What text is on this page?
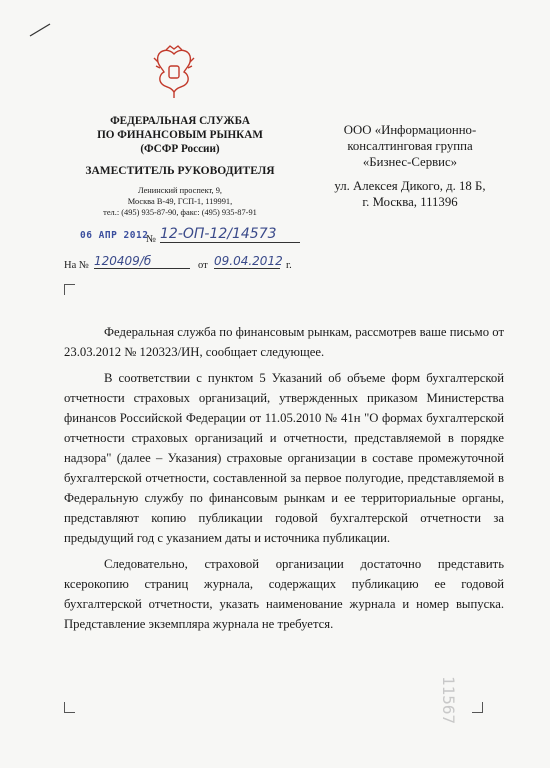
ФЕДЕРАЛЬНАЯ СЛУЖБА
ПО ФИНАНСОВЫМ РЫНКАМ
(ФСФР России)
ЗАМЕСТИТЕЛЬ РУКОВОДИТЕЛЯ
Ленинский проспект, 9,
Москва В-49, ГСП-1, 119991,
тел.: (495) 935-87-90, факс: (495) 935-87-91
ООО «Информационно-
консалтинговая группа
«Бизнес-Сервис»
ул. Алексея Дикого, д. 18 Б,
г. Москва, 111396
06 АПР 2012
№ 12-ОП-12/14573
На № 120409/б	от 09.04.2012 г.

Федеральная служба по финансовым рынкам, рассмотрев ваше письмо от 23.03.2012 № 120323/ИН, сообщает следующее.

В соответствии с пунктом 5 Указаний об объеме форм бухгалтерской отчетности страховых организаций, утвержденных приказом Министерства финансов Российской Федерации от 11.05.2010 № 41н "О формах бухгалтерской отчетности страховых организаций и отчетности, представляемой в порядке надзора" (далее – Указания) страховые организации в составе промежуточной бухгалтерской отчетности, составленной за первое полугодие, представляемой в Федеральную службу по финансовым рынкам и ее территориальные органы, представляют копию публикации годовой бухгалтерской отчетности за предыдущий год с указанием даты и источника публикации.

Следовательно, страховой организации достаточно представить ксерокопию страниц журнала, содержащих публикацию ее годовой бухгалтерской отчетности, указать наименование журнала и номер выпуска. Представление экземпляра журнала не требуется.

11567
